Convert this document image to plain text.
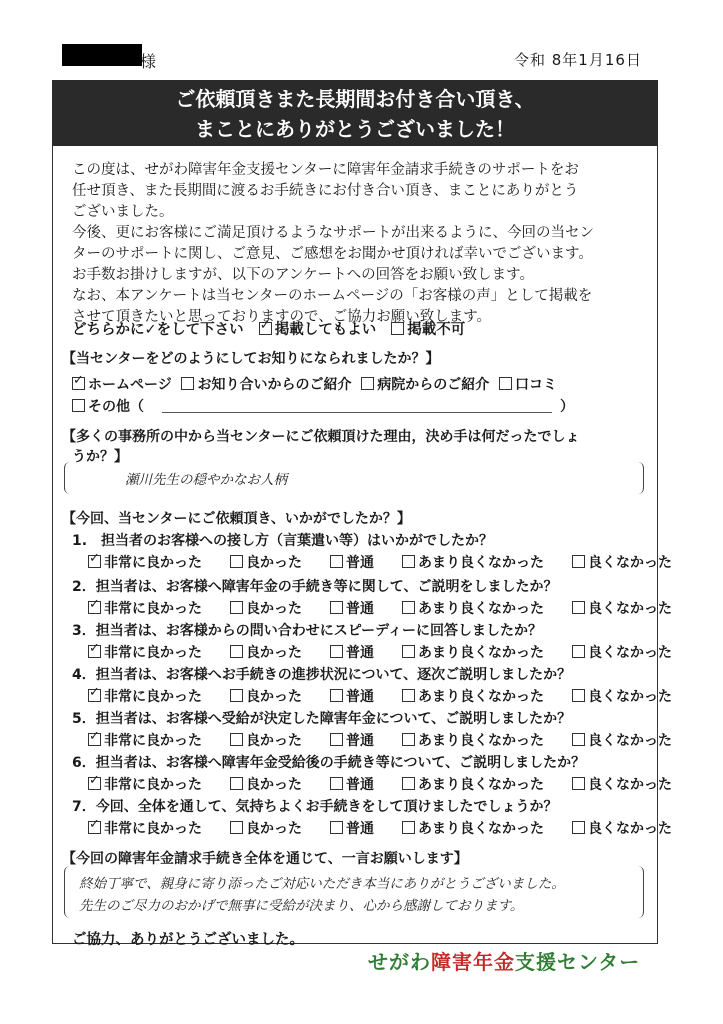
様	令和 8年1月16日
ご依頼頂きまた長期間お付き合い頂き、
まことにありがとうございました！
この度は、せがわ障害年金支援センターに障害年金請求手続きのサポートをお
任せ頂き、また長期間に渡るお手続きにお付き合い頂き、まことにありがとう
ございました。
今後、更にお客様にご満足頂けるようなサポートが出来るように、今回の当セン
ターのサポートに関し、ご意見、ご感想をお聞かせ頂ければ幸いでございます。
お手数お掛けしますが、以下のアンケートへの回答をお願い致します。
なお、本アンケートは当センターのホームページの「お客様の声」として掲載を
させて頂きたいと思っておりますので、ご協力お願い致します。
どちらかに✓をして下さい ✓ 掲載してもよい 掲載不可
【当センターをどのようにしてお知りになられましたか？】
✓ホームページ お知り合いからのご紹介 病院からのご紹介 口コミ
その他（	）
【多くの事務所の中から当センターにご依頼頂けた理由，決め手は何だったでしょ
うか？】
瀬川先生の穏やかなお人柄
【今回、当センターにご依頼頂き、いかがでしたか？】
1.　担当者のお客様への接し方（言葉遣い等）はいかがでしたか？
✓非常に良かった	良かった	普通	あまり良くなかった	良くなかった
2．担当者は、お客様へ障害年金の手続き等に関して、ご説明をしましたか？
✓非常に良かった	良かった	普通	あまり良くなかった	良くなかった
3．担当者は、お客様からの問い合わせにスピーディーに回答しましたか？
✓非常に良かった	良かった	普通	あまり良くなかった	良くなかった
4．担当者は、お客様へお手続きの進捗状況について、逐次ご説明しましたか？
✓非常に良かった	良かった	普通	あまり良くなかった	良くなかった
5．担当者は、お客様へ受給が決定した障害年金について、ご説明しましたか？
✓非常に良かった	良かった	普通	あまり良くなかった	良くなかった
6．担当者は、お客様へ障害年金受給後の手続き等について、ご説明しましたか？
✓非常に良かった	良かった	普通	あまり良くなかった	良くなかった
7．今回、全体を通して、気持ちよくお手続きをして頂けましたでしょうか？
✓非常に良かった	良かった	普通	あまり良くなかった	良くなかった
【今回の障害年金請求手続き全体を通じて、一言お願いします】
終始丁寧で、親身に寄り添ったご対応いただき本当にありがとうございました。
先生のご尽力のおかげで無事に受給が決まり、心から感謝しております。
ご協力、ありがとうございました。
せがわ障害年金支援センター
